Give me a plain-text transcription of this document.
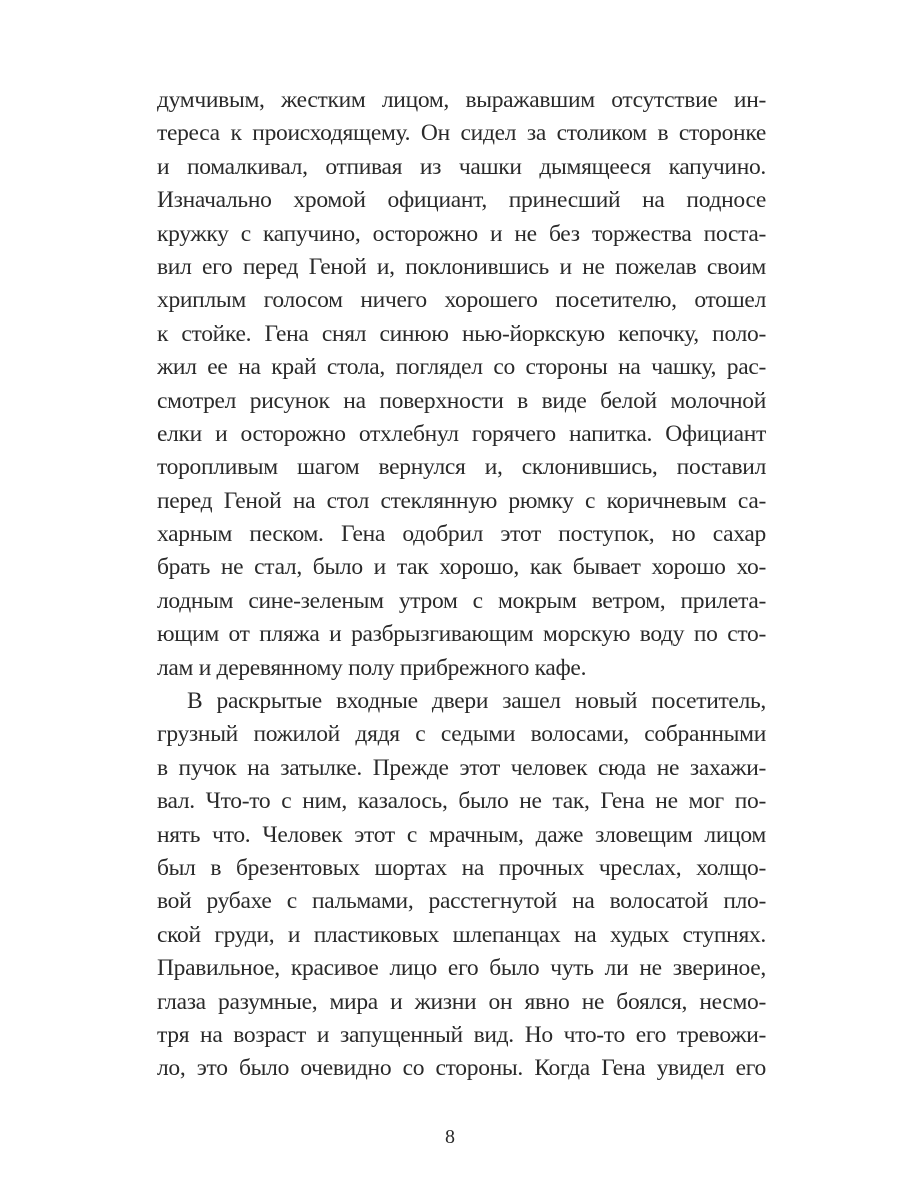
думчивым, жестким лицом, выражавшим отсутствие ин-
тереса к происходящему. Он сидел за столиком в сторонке
и помалкивал, отпивая из чашки дымящееся капучино.
Изначально хромой официант, принесший на подносе
кружку с капучино, осторожно и не без торжества поста-
вил его перед Геной и, поклонившись и не пожелав своим
хриплым голосом ничего хорошего посетителю, отошел
к стойке. Гена снял синюю нью-йоркскую кепочку, поло-
жил ее на край стола, поглядел со стороны на чашку, рас-
смотрел рисунок на поверхности в виде белой молочной
елки и осторожно отхлебнул горячего напитка. Официант
торопливым шагом вернулся и, склонившись, поставил
перед Геной на стол стеклянную рюмку с коричневым са-
харным песком. Гена одобрил этот поступок, но сахар
брать не стал, было и так хорошо, как бывает хорошо хо-
лодным сине-зеленым утром с мокрым ветром, прилета-
ющим от пляжа и разбрызгивающим морскую воду по сто-
лам и деревянному полу прибрежного кафе.
В раскрытые входные двери зашел новый посетитель,
грузный пожилой дядя с седыми волосами, собранными
в пучок на затылке. Прежде этот человек сюда не захажи-
вал. Что-то с ним, казалось, было не так, Гена не мог по-
нять что. Человек этот с мрачным, даже зловещим лицом
был в брезентовых шортах на прочных чреслах, холщо-
вой рубахе с пальмами, расстегнутой на волосатой пло-
ской груди, и пластиковых шлепанцах на худых ступнях.
Правильное, красивое лицо его было чуть ли не звериное,
глаза разумные, мира и жизни он явно не боялся, несмо-
тря на возраст и запущенный вид. Но что-то его тревожи-
ло, это было очевидно со стороны. Когда Гена увидел его
8
